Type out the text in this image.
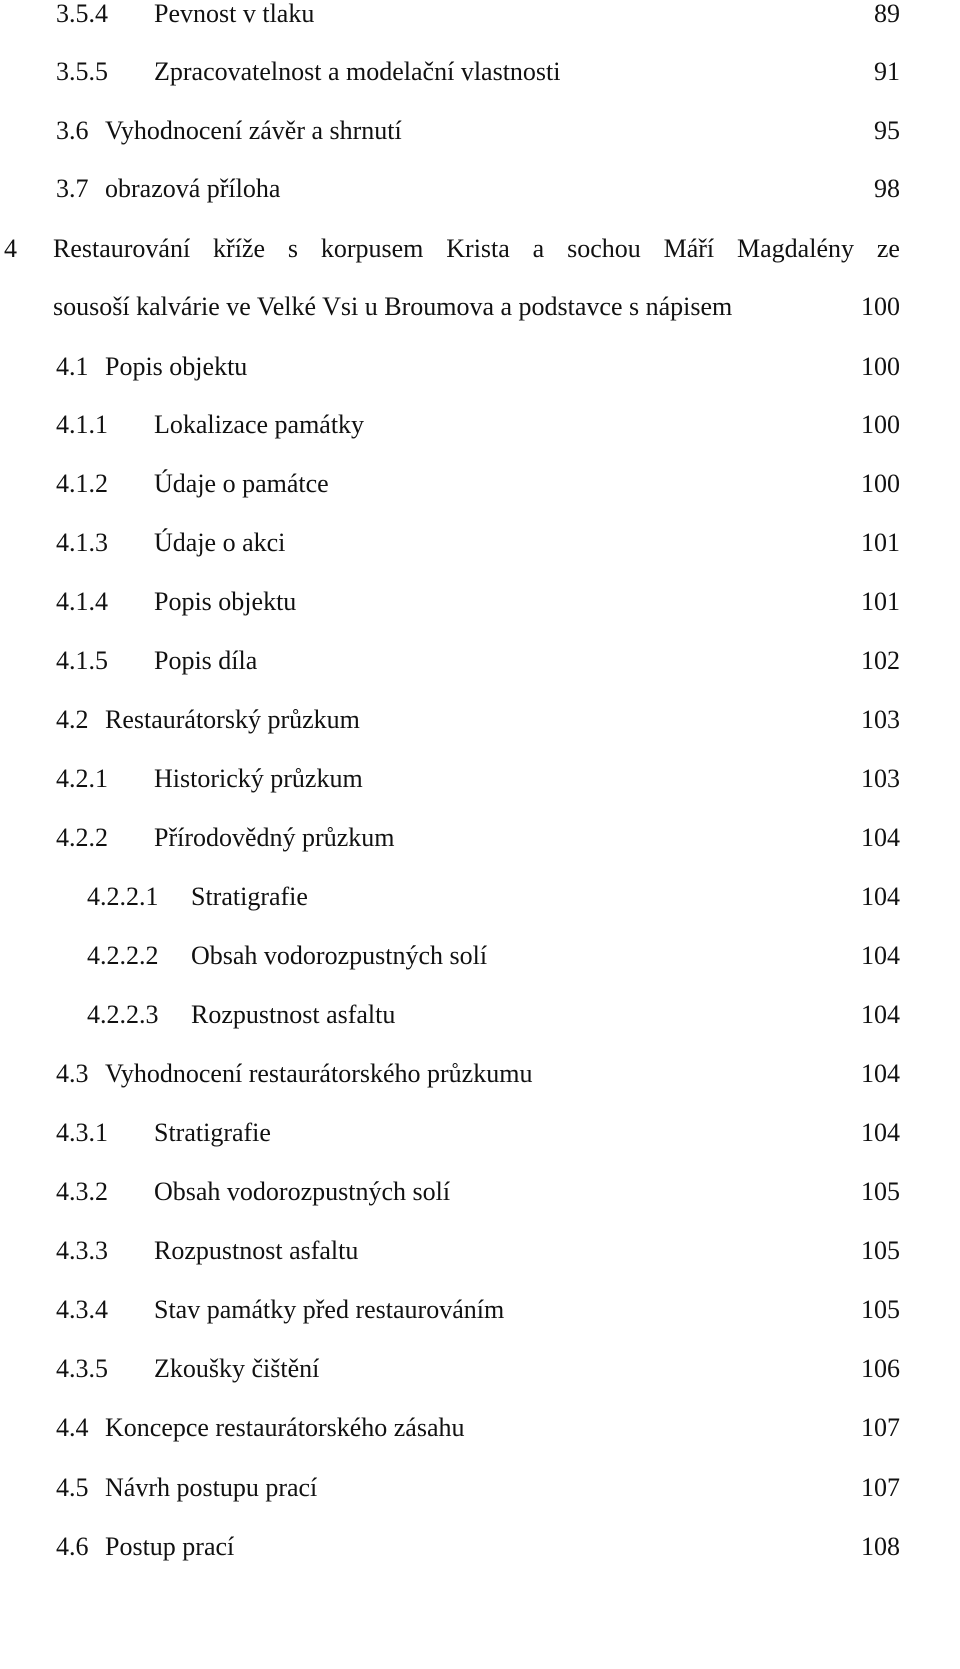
3.5.4 Pevnost v tlaku	89
3.5.5 Zpracovatelnost a modelační vlastnosti	91
3.6 Vyhodnocení závěr a shrnutí	95
3.7 obrazová příloha	98
4 Restaurování kříže s korpusem Krista a sochou Máří Magdalény ze
sousoší kalvárie ve Velké Vsi u Broumova a podstavce s nápisem	100
4.1 Popis objektu	100
4.1.1 Lokalizace památky	100
4.1.2 Údaje o památce	100
4.1.3 Údaje o akci	101
4.1.4 Popis objektu	101
4.1.5 Popis díla	102
4.2 Restaurátorský průzkum	103
4.2.1 Historický průzkum	103
4.2.2 Přírodovědný průzkum	104
4.2.2.1 Stratigrafie	104
4.2.2.2 Obsah vodorozpustných solí	104
4.2.2.3 Rozpustnost asfaltu	104
4.3 Vyhodnocení restaurátorského průzkumu	104
4.3.1 Stratigrafie	104
4.3.2 Obsah vodorozpustných solí	105
4.3.3 Rozpustnost asfaltu	105
4.3.4 Stav památky před restaurováním	105
4.3.5 Zkoušky čištění	106
4.4 Koncepce restaurátorského zásahu	107
4.5 Návrh postupu prací	107
4.6 Postup prací	108
